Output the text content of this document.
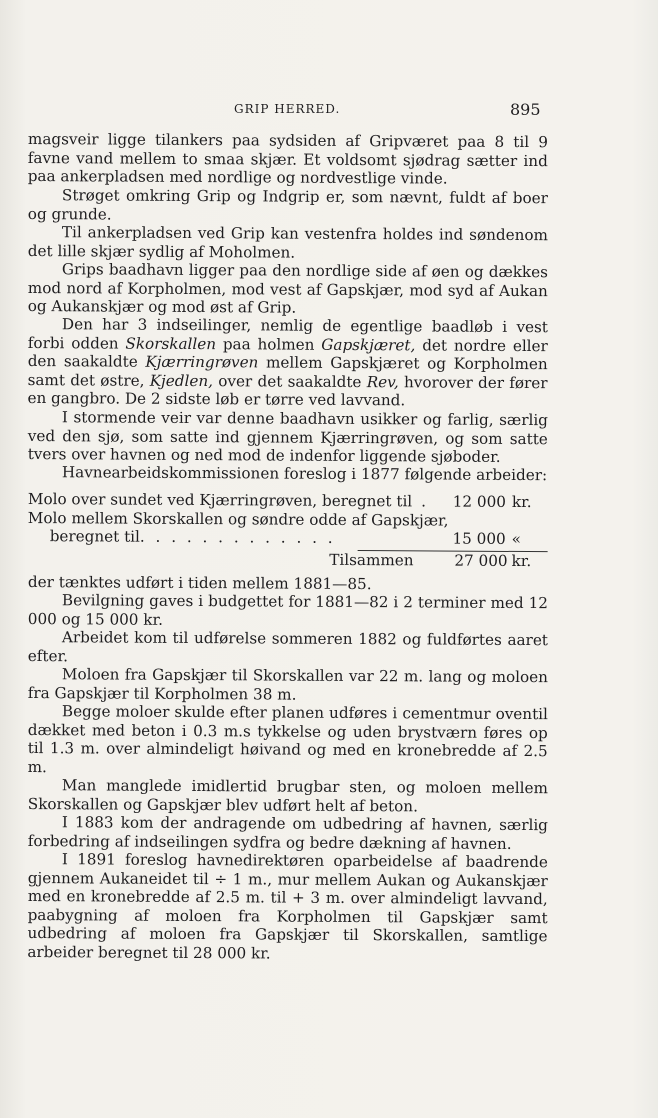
GRIP HERRED.	895

magsveir ligge tilankers paa sydsiden af Gripværet paa 8 til 9 favne vand mellem to smaa skjær. Et voldsomt sjødrag sætter ind paa ankerpladsen med nordlige og nordvestlige vinde.

Strøget omkring Grip og Indgrip er, som nævnt, fuldt af boer og grunde.

Til ankerpladsen ved Grip kan vestenfra holdes ind søndenom det lille skjær sydlig af Moholmen.

Grips baadhavn ligger paa den nordlige side af øen og dækkes mod nord af Korpholmen, mod vest af Gapskjær, mod syd af Aukan og Aukanskjær og mod øst af Grip.

Den har 3 indseilinger, nemlig de egentlige baadløb i vest forbi odden Skorskallen paa holmen Gapskjæret, det nordre eller den saakaldte Kjærringrøven mellem Gapskjæret og Korpholmen samt det østre, Kjedlen, over det saakaldte Rev, hvorover der fører en gangbro. De 2 sidste løb er tørre ved lavvand.

I stormende veir var denne baadhavn usikker og farlig, særlig ved den sjø, som satte ind gjennem Kjærringrøven, og som satte tvers over havnen og ned mod de indenfor liggende sjøboder.

Havnearbeidskommissionen foreslog i 1877 følgende arbeider:

Molo over sundet ved Kjærringrøven, beregnet til .	12 000 kr.
Molo mellem Skorskallen og søndre odde af Gapskjær,
beregnet til . . . . . . . . . . . . .	15 000 «
Tilsammen	27 000 kr.

der tænktes udført i tiden mellem 1881—85.

Bevilgning gaves i budgettet for 1881—82 i 2 terminer med 12 000 og 15 000 kr.

Arbeidet kom til udførelse sommeren 1882 og fuldførtes aaret efter.

Moloen fra Gapskjær til Skorskallen var 22 m. lang og moloen fra Gapskjær til Korpholmen 38 m.

Begge moloer skulde efter planen udføres i cementmur oventil dækket med beton i 0.3 m.s tykkelse og uden brystværn føres op til 1.3 m. over almindeligt høivand og med en kronebredde af 2.5 m.

Man manglede imidlertid brugbar sten, og moloen mellem Skorskallen og Gapskjær blev udført helt af beton.

I 1883 kom der andragende om udbedring af havnen, særlig forbedring af indseilingen sydfra og bedre dækning af havnen.

I 1891 foreslog havnedirektøren oparbeidelse af baadrende gjennem Aukaneidet til ÷ 1 m., mur mellem Aukan og Aukanskjær med en kronebredde af 2.5 m. til + 3 m. over almindeligt lavvand, paabygning af moloen fra Korpholmen til Gapskjær samt udbedring af moloen fra Gapskjær til Skorskallen, samtlige arbeider beregnet til 28 000 kr.
